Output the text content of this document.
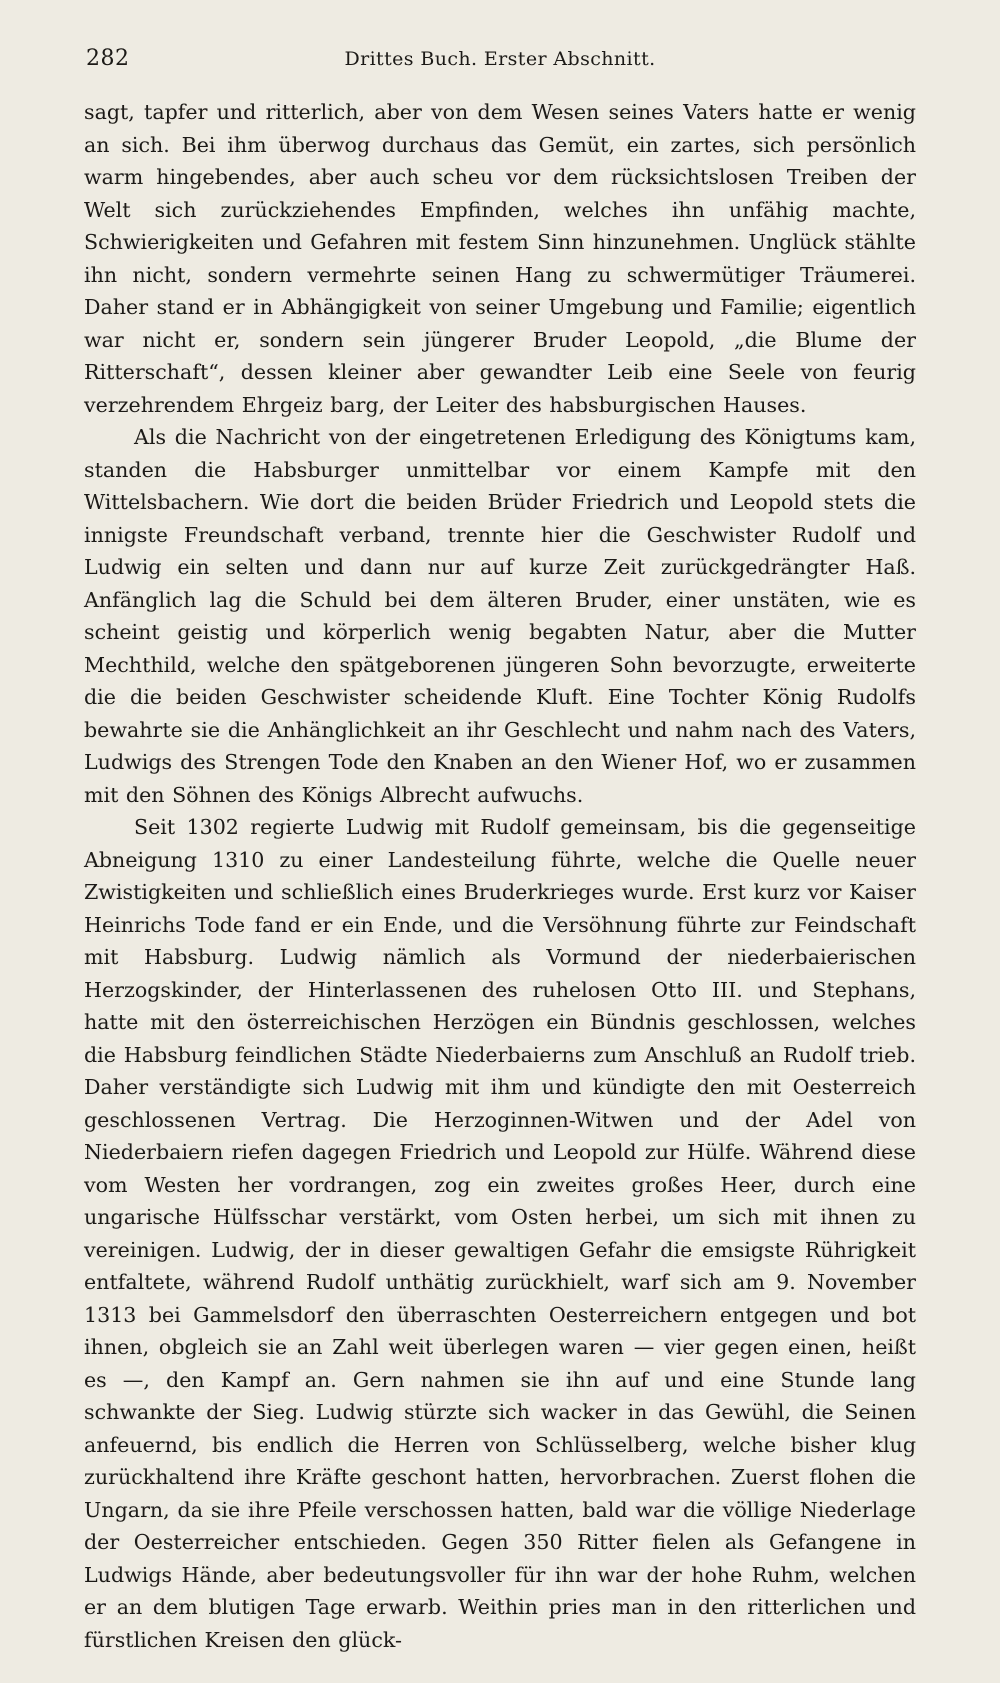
282	Drittes Buch. Erster Abschnitt.

sagt, tapfer und ritterlich, aber von dem Wesen seines Vaters hatte er wenig an sich. Bei ihm überwog durchaus das Gemüt, ein zartes, sich persönlich warm hingebendes, aber auch scheu vor dem rücksichtslosen Treiben der Welt sich zurückziehendes Empfinden, welches ihn unfähig machte, Schwierigkeiten und Gefahren mit festem Sinn hinzunehmen. Unglück stählte ihn nicht, sondern vermehrte seinen Hang zu schwermütiger Träumerei. Daher stand er in Abhängigkeit von seiner Umgebung und Familie; eigentlich war nicht er, sondern sein jüngerer Bruder Leopold, „die Blume der Ritterschaft“, dessen kleiner aber gewandter Leib eine Seele von feurig verzehrendem Ehrgeiz barg, der Leiter des habsburgischen Hauses.

Als die Nachricht von der eingetretenen Erledigung des Königtums kam, standen die Habsburger unmittelbar vor einem Kampfe mit den Wittelsbachern. Wie dort die beiden Brüder Friedrich und Leopold stets die innigste Freundschaft verband, trennte hier die Geschwister Rudolf und Ludwig ein selten und dann nur auf kurze Zeit zurückgedrängter Haß. Anfänglich lag die Schuld bei dem älteren Bruder, einer unstäten, wie es scheint geistig und körperlich wenig begabten Natur, aber die Mutter Mechthild, welche den spätgeborenen jüngeren Sohn bevorzugte, erweiterte die die beiden Geschwister scheidende Kluft. Eine Tochter König Rudolfs bewahrte sie die Anhänglichkeit an ihr Geschlecht und nahm nach des Vaters, Ludwigs des Strengen Tode den Knaben an den Wiener Hof, wo er zusammen mit den Söhnen des Königs Albrecht aufwuchs.

Seit 1302 regierte Ludwig mit Rudolf gemeinsam, bis die gegenseitige Abneigung 1310 zu einer Landesteilung führte, welche die Quelle neuer Zwistigkeiten und schließlich eines Bruderkrieges wurde. Erst kurz vor Kaiser Heinrichs Tode fand er ein Ende, und die Versöhnung führte zur Feindschaft mit Habsburg. Ludwig nämlich als Vormund der niederbaierischen Herzogskinder, der Hinterlassenen des ruhelosen Otto III. und Stephans, hatte mit den österreichischen Herzögen ein Bündnis geschlossen, welches die Habsburg feindlichen Städte Niederbaierns zum Anschluß an Rudolf trieb. Daher verständigte sich Ludwig mit ihm und kündigte den mit Oesterreich geschlossenen Vertrag. Die Herzoginnen-Witwen und der Adel von Niederbaiern riefen dagegen Friedrich und Leopold zur Hülfe. Während diese vom Westen her vordrangen, zog ein zweites großes Heer, durch eine ungarische Hülfsschar verstärkt, vom Osten herbei, um sich mit ihnen zu vereinigen. Ludwig, der in dieser gewaltigen Gefahr die emsigste Rührigkeit entfaltete, während Rudolf unthätig zurückhielt, warf sich am 9. November 1313 bei Gammelsdorf den überraschten Oesterreichern entgegen und bot ihnen, obgleich sie an Zahl weit überlegen waren — vier gegen einen, heißt es —, den Kampf an. Gern nahmen sie ihn auf und eine Stunde lang schwankte der Sieg. Ludwig stürzte sich wacker in das Gewühl, die Seinen anfeuernd, bis endlich die Herren von Schlüsselberg, welche bisher klug zurückhaltend ihre Kräfte geschont hatten, hervorbrachen. Zuerst flohen die Ungarn, da sie ihre Pfeile verschossen hatten, bald war die völlige Niederlage der Oesterreicher entschieden. Gegen 350 Ritter fielen als Gefangene in Ludwigs Hände, aber bedeutungsvoller für ihn war der hohe Ruhm, welchen er an dem blutigen Tage erwarb. Weithin pries man in den ritterlichen und fürstlichen Kreisen den glück-
